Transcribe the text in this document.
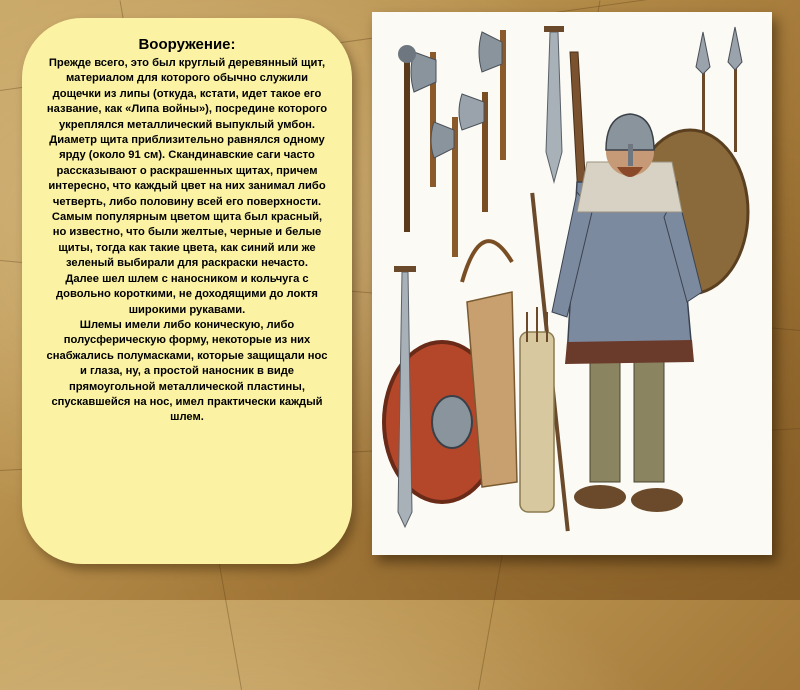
Вооружение:
Прежде всего, это был круглый деревянный щит, материалом для которого обычно служили дощечки из липы (откуда, кстати, идет такое его название, как «Липа войны»), посредине которого укреплялся металлический выпуклый умбон. Диаметр щита приблизительно равнялся одному ярду (около 91 см). Скандинавские саги часто рассказывают о раскрашенных щитах, причем интересно, что каждый цвет на них занимал либо четверть, либо половину всей его поверхности.
Самым популярным цветом щита был красный, но известно, что были желтые, черные и белые щиты, тогда как такие цвета, как синий или же зеленый выбирали для раскраски нечасто.
Далее шел шлем с наносником и кольчуга с довольно короткими, не доходящими до локтя широкими рукавами.
Шлемы имели либо коническую, либо полусферическую форму, некоторые из них снабжались полумасками, которые защищали нос и глаза, ну, а простой наносник в виде прямоугольной металлической пластины, спускавшейся на нос, имел практически каждый шлем.
